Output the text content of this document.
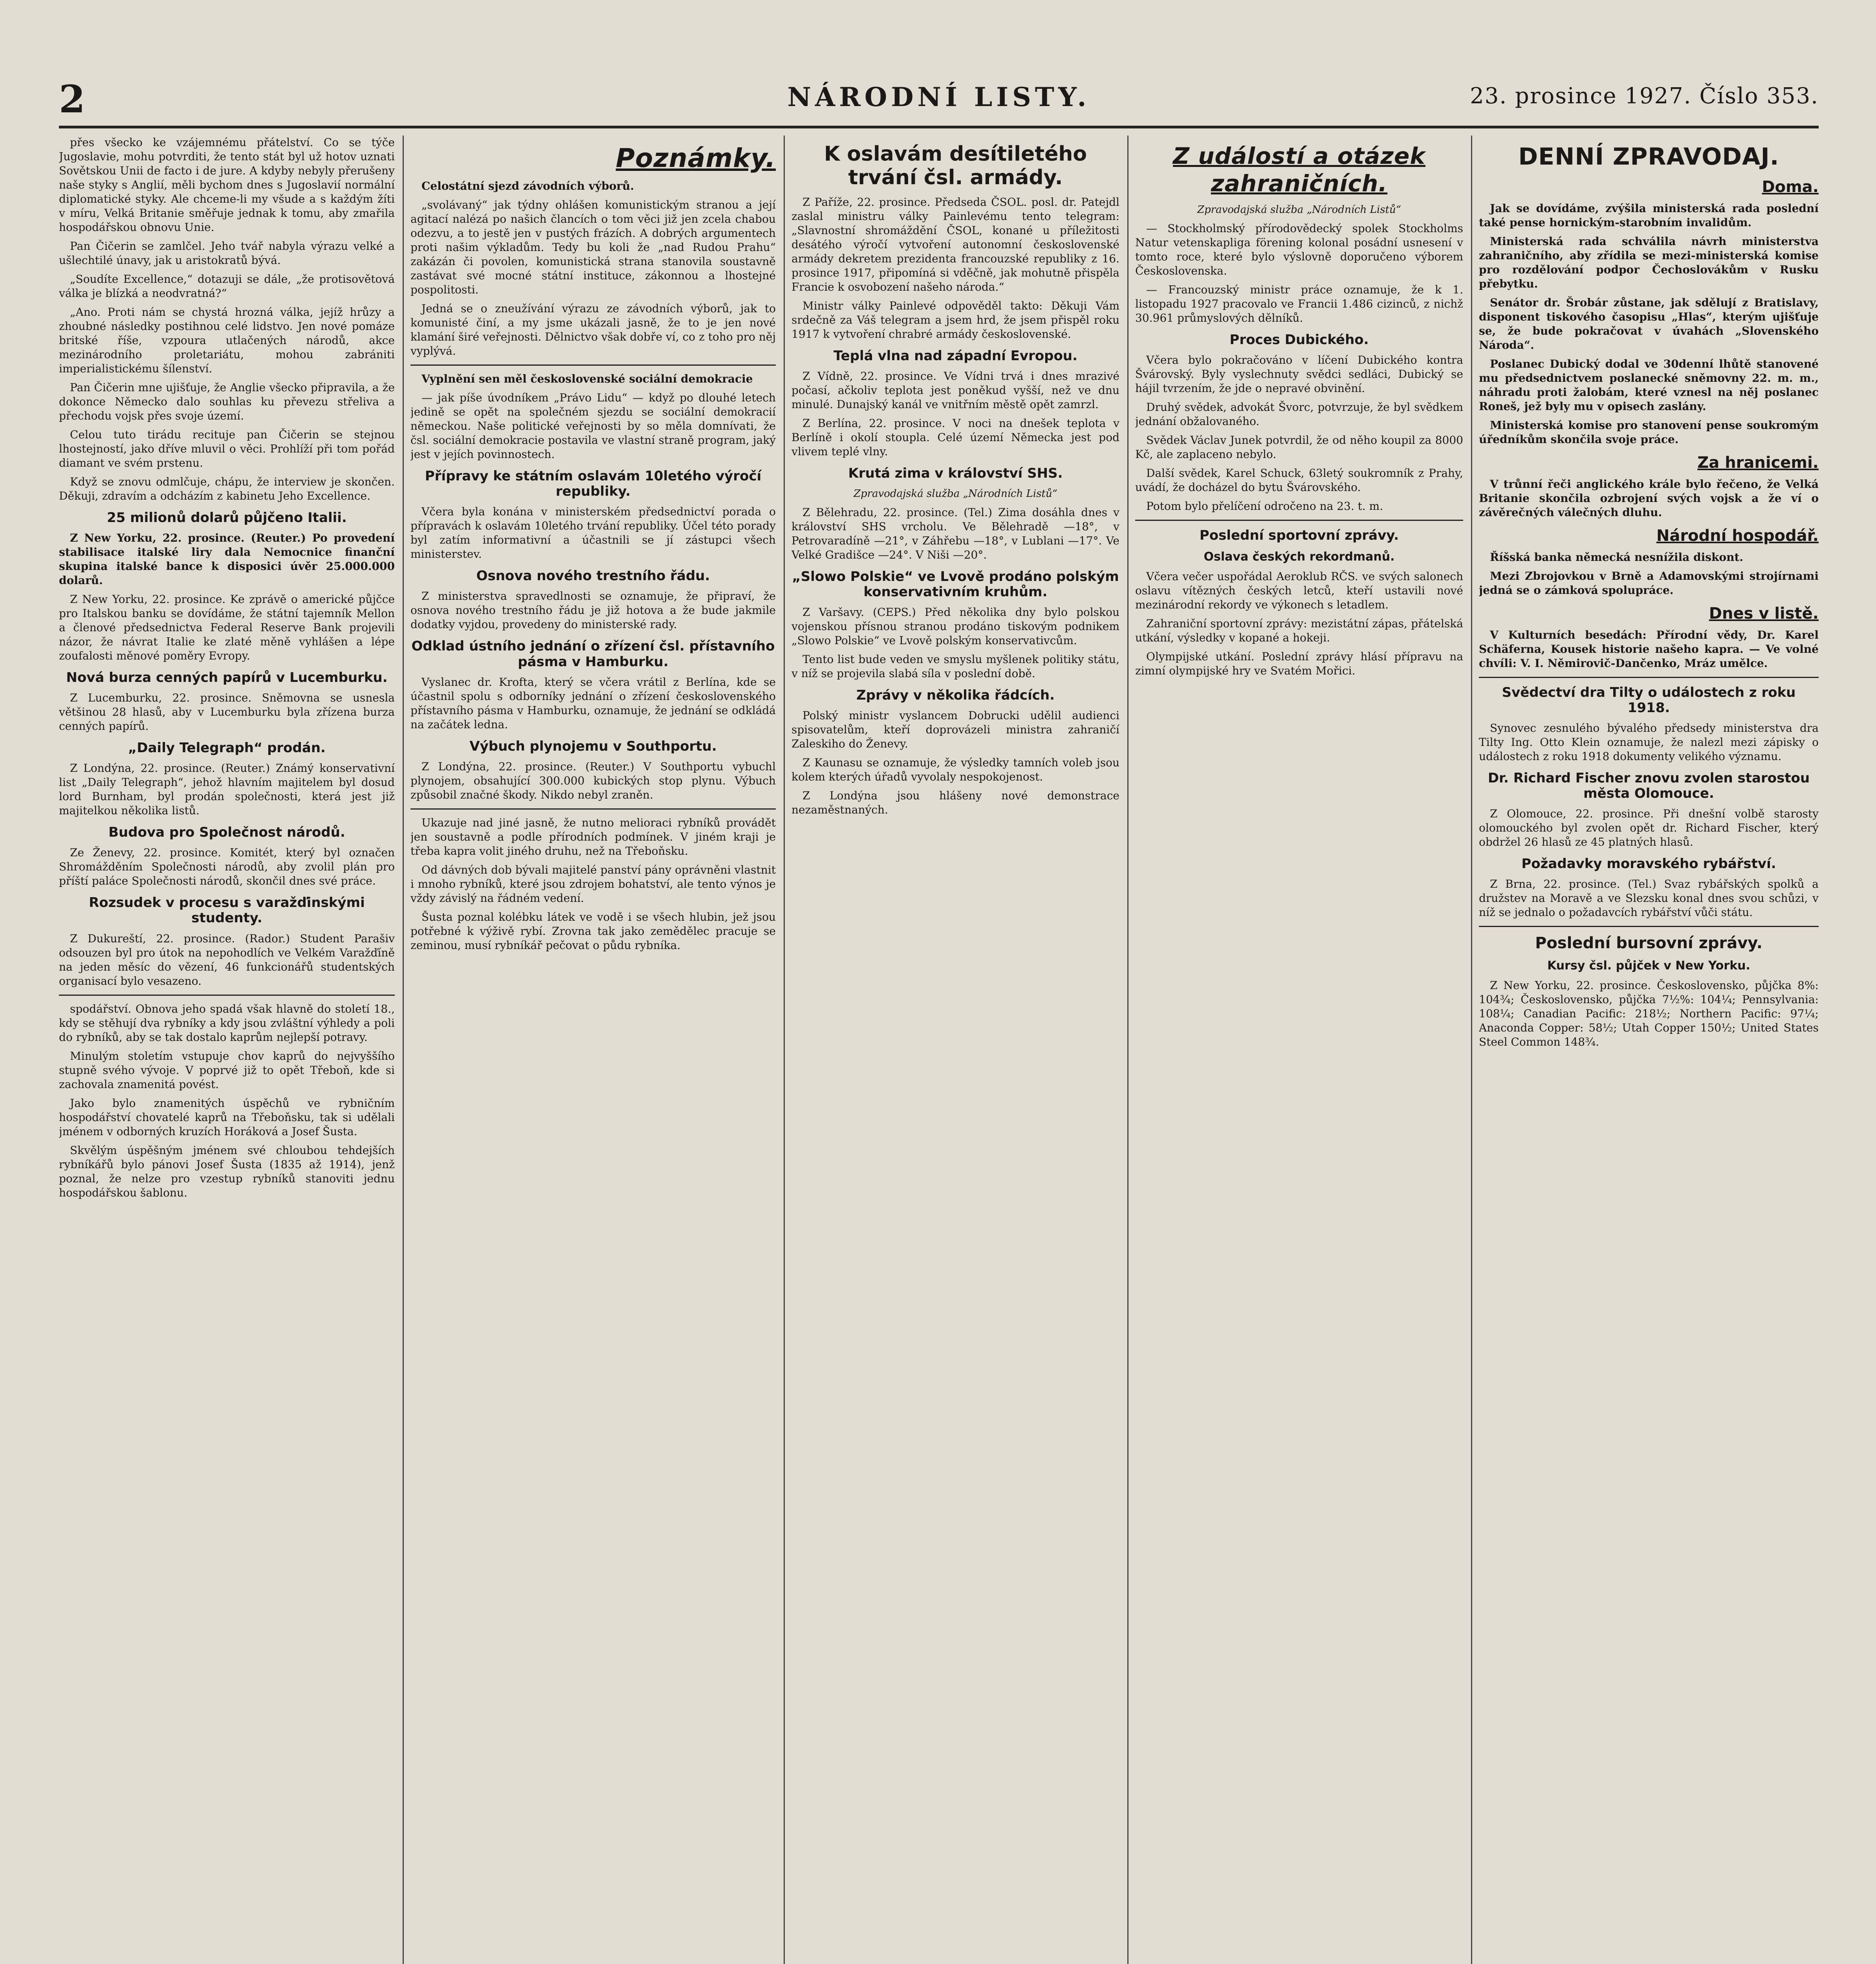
2	NÁRODNÍ LISTY.	23. prosince 1927. Číslo 353.

přes všecko ke vzájemnému přátelství. Co se týče Jugoslavie, mohu potvrditi, že tento stát byl už hotov uznati Sovětskou Unii de facto i de jure. A kdyby nebyly přerušeny naše styky s Anglií, měli bychom dnes s Jugoslavií normální diplomatické styky. Ale chceme-li my všude a s každým žíti v míru, Velká Britanie směřuje jednak k tomu, aby zmařila hospodářskou obnovu Unie.

Pan Čičerin se zamlčel. Jeho tvář nabyla výrazu velké a ušlechtilé únavy, jak u aristokratů bývá.

„Soudíte Excellence,“ dotazuji se dále, „že protisovětová válka je blízká a neodvratná?“

„Ano. Proti nám se chystá hrozná válka, jejíž hrůzy a zhoubné následky postihnou celé lidstvo. Jen nové pomáze britské říše, vzpoura utlačených národů, akce mezinárodního proletariátu, mohou zabrániti imperialistickému šílenství.

Pan Čičerin mne ujišťuje, že Anglie všecko připravila, a že dokonce Německo dalo souhlas ku převezu střeliva a přechodu vojsk přes svoje území.

Celou tuto tirádu recituje pan Čičerin se stejnou lhostejností, jako dříve mluvil o věci. Prohlíží při tom pořád diamant ve svém prstenu.

Když se znovu odmlčuje, chápu, že interview je skončen. Děkuji, zdravím a odcházím z kabinetu Jeho Excellence.

25 milionů dolarů půjčeno Italii.

Z New Yorku, 22. prosince. (Reuter.) Po provedení stabilisace italské liry dala Nemocnice finanční skupina italské bance k disposici úvěr 25.000.000 dolarů.

Z New Yorku, 22. prosince. Ke zprávě o americké půjčce pro Italskou banku se dovídáme, že státní tajemník Mellon a členové předsednictva Federal Reserve Bank projevili názor, že návrat Italie ke zlaté měně vyhlášen a lépe zoufalosti měnové poměry Evropy.

Nová burza cenných papírů v Lucemburku.

Z Lucemburku, 22. prosince. Sněmovna se usnesla většinou 28 hlasů, aby v Lucemburku byla zřízena burza cenných papírů.

„Daily Telegraph“ prodán.

Z Londýna, 22. prosince. (Reuter.) Známý konservativní list „Daily Telegraph“, jehož hlavním majitelem byl dosud lord Burnham, byl prodán společnosti, která jest již majitelkou několika listů.

Budova pro Společnost národů.

Ze Ženevy, 22. prosince. Komitét, který byl označen Shromážděním Společnosti národů, aby zvolil plán pro příští paláce Společnosti národů, skončil dnes své práce.

Rozsudek v procesu s varažďinskými studenty.

Z Dukureští, 22. prosince. (Rador.) Student Parašiv odsouzen byl pro útok na nepohodlích ve Velkém Varažďíně na jeden měsíc do vězení, 46 funkcionářů studentských organisací bylo vesazeno.

spodářství. Obnova jeho spadá však hlavně do století 18., kdy se stěhují dva rybníky a kdy jsou zvláštní výhledy a poli do rybníků, aby se tak dostalo kaprům nejlepší potravy.

Minulým stoletím vstupuje chov kaprů do nejvyššího stupně svého vývoje. V poprvé již to opět Třeboň, kde si zachovala znamenitá povést.

Jako bylo znamenitých úspěchů ve rybničním hospodářství chovatelé kaprů na Třeboňsku, tak si udělali jménem v odborných kruzích Horáková a Josef Šusta.

Skvělým úspěšným jménem své chloubou tehdejších rybníkářů bylo pánovi Josef Šusta (1835 až 1914), jenž poznal, že nelze pro vzestup rybníků stanoviti jednu hospodářskou šablonu.

Poznámky.

Celostátní sjezd závodních výborů.

„svolávaný“ jak týdny ohlášen komunistickým stranou a její agitací nalézá po našich člancích o tom věci již jen zcela chabou odezvu, a to jestě jen v pustých frázích. A dobrých argumentech proti našim výkladům. Tedy bu koli že „nad Rudou Prahu“ zakázán či povolen, komunistická strana stanovila soustavně zastávat své mocné státní instituce, zákonnou a lhostejné pospolitosti.

Jedná se o zneužívání výrazu ze závodních výborů, jak to komunisté činí, a my jsme ukázali jasně, že to je jen nové klamání širé veřejnosti. Dělnictvo však dobře ví, co z toho pro něj vyplývá.

Vyplnění sen měl československé sociální demokracie

— jak píše úvodníkem „Právo Lidu“ — když po dlouhé letech jedině se opět na společném sjezdu se sociální demokracií německou. Naše politické veřejnosti by so měla domnívati, že čsl. sociální demokracie postavila ve vlastní straně program, jaký jest v jejích povinnostech.

Přípravy ke státním oslavám 10letého výročí republiky.

Včera byla konána v ministerském předsednictví porada o přípravách k oslavám 10letého trvání republiky. Účel této porady byl zatím informativní a účastnili se jí zástupci všech ministerstev.

Osnova nového trestního řádu.

Z ministerstva spravedlnosti se oznamuje, že připraví, že osnova nového trestního řádu je již hotova a že bude jakmile dodatky vyjdou, provedeny do ministerské rady.

Odklad ústního jednání o zřízení čsl. přístavního pásma v Hamburku.

Vyslanec dr. Krofta, který se včera vrátil z Berlína, kde se účastnil spolu s odborníky jednání o zřízení československého přístavního pásma v Hamburku, oznamuje, že jednání se odkládá na začátek ledna.

Výbuch plynojemu v Southportu.

Z Londýna, 22. prosince. (Reuter.) V Southportu vybuchl plynojem, obsahující 300.000 kubických stop plynu. Výbuch způsobil značné škody. Nikdo nebyl zraněn.

Ukazuje nad jiné jasně, že nutno melioraci rybníků provádět jen soustavně a podle přírodních podmínek. V jiném kraji je třeba kapra volit jiného druhu, než na Třeboňsku.

Od dávných dob bývali majitelé panství pány oprávněni vlastnit i mnoho rybníků, které jsou zdrojem bohatství, ale tento výnos je vždy závislý na řádném vedení.

Šusta poznal kolébku látek ve vodě i se všech hlubin, jež jsou potřebné k výživě rybí. Zrovna tak jako zemědělec pracuje se zeminou, musí rybníkář pečovat o půdu rybníka.

K oslavám desítiletého trvání čsl. armády.

Z Paříže, 22. prosince. Předseda ČSOL. posl. dr. Patejdl zaslal ministru války Painlevému tento telegram: „Slavnostní shromáždění ČSOL, konané u příležitosti desátého výročí vytvoření autonomní československé armády dekretem prezidenta francouzské republiky z 16. prosince 1917, připomíná si vděčně, jak mohutně přispěla Francie k osvobození našeho národa.“

Ministr války Painlevé odpověděl takto: Děkuji Vám srdečně za Váš telegram a jsem hrd, že jsem přispěl roku 1917 k vytvoření chrabré armády československé.

Teplá vlna nad západní Evropou.

Z Vídně, 22. prosince. Ve Vídni trvá i dnes mrazivé počasí, ačkoliv teplota jest poněkud vyšší, než ve dnu minulé. Dunajský kanál ve vnitřním městě opět zamrzl.

Z Berlína, 22. prosince. V noci na dnešek teplota v Berlíně i okolí stoupla. Celé území Německa jest pod vlivem teplé vlny.

Krutá zima v království SHS.
Zpravodajská služba „Národních Listů“

Z Bělehradu, 22. prosince. (Tel.) Zima dosáhla dnes v království SHS vrcholu. Ve Bělehradě —18°, v Petrovaradíně —21°, v Záhřebu —18°, v Lublani —17°. Ve Velké Gradišce —24°. V Niši —20°.

„Slowo Polskie“ ve Lvově prodáno polským konservativním kruhům.

Z Varšavy. (CEPS.) Před několika dny bylo polskou vojenskou přísnou stranou prodáno tiskovým podnikem „Slowo Polskie“ ve Lvově polským konservativcům.

Tento list bude veden ve smyslu myšlenek politiky státu, v níž se projevila slabá síla v poslední době.

Zprávy v několika řádcích.

Polský ministr vyslancem Dobrucki udělil audienci spisovatelům, kteří doprovázeli ministra zahraničí Zaleskiho do Ženevy.

Z Kaunasu se oznamuje, že výsledky tamních voleb jsou kolem kterých úřadů vyvolaly nespokojenost.

Z Londýna jsou hlášeny nové demonstrace nezaměstnaných.

Z událostí a otázek zahraničních.
Zpravodajská služba „Národních Listů“

— Stockholmský přírodovědecký spolek Stockholms Natur vetenskapliga förening kolonal posádní usnesení v tomto roce, které bylo výslovně doporučeno výborem Československa.

— Francouzský ministr práce oznamuje, že k 1. listopadu 1927 pracovalo ve Francii 1.486 cizinců, z nichž 30.961 průmyslových dělníků.

Proces Dubického.

Včera bylo pokračováno v líčení Dubického kontra Švárovský. Byly vyslechnuty svědci sedláci, Dubický se hájil tvrzením, že jde o nepravé obvinění.

Druhý svědek, advokát Švorc, potvrzuje, že byl svědkem jednání obžalovaného.

Svědek Václav Junek potvrdil, že od něho koupil za 8000 Kč, ale zaplaceno nebylo.

Další svědek, Karel Schuck, 63letý soukromník z Prahy, uvádí, že docházel do bytu Švárovského.

Potom bylo přelíčení odročeno na 23. t. m.

Poslední sportovní zprávy.
Oslava českých rekordmanů.

Včera večer uspořádal Aeroklub RČS. ve svých salonech oslavu vítězných českých letců, kteří ustavili nové mezinárodní rekordy ve výkonech s letadlem.

Zahraniční sportovní zprávy: mezistátní zápas, přátelská utkání, výsledky v kopané a hokeji.

Olympijské utkání. Poslední zprávy hlásí přípravu na zimní olympijské hry ve Svatém Mořici.

DENNÍ ZPRAVODAJ.
Doma.

Jak se dovídáme, zvýšila ministerská rada poslední také pense hornickým-starobním invalidům.

Ministerská rada schválila návrh ministerstva zahraničního, aby zřídila se mezi-ministerská komise pro rozdělování podpor Čechoslovákům v Rusku přebytku.

Senátor dr. Šrobár zůstane, jak sdělují z Bratislavy, disponent tiskového časopisu „Hlas“, kterým ujišťuje se, že bude pokračovat v úvahách „Slovenského Národa“.

Poslanec Dubický dodal ve 30denní lhůtě stanovené mu předsednictvem poslanecké sněmovny 22. m. m., náhradu proti žalobám, které vznesl na něj poslanec Roneš, jež byly mu v opisech zaslány.

Ministerská komise pro stanovení pense soukromým úředníkům skončila svoje práce.

Za hranicemi.

V trůnní řeči anglického krále bylo řečeno, že Velká Britanie skončila ozbrojení svých vojsk a že ví o závěrečných válečných dluhu.

Národní hospodář.

Říšská banka německá nesnížila diskont.

Mezi Zbrojovkou v Brně a Adamovskými strojírnami jedná se o zámková spolupráce.

Dnes v listě.

V Kulturních besedách: Přírodní vědy, Dr. Karel Schäferna, Kousek historie našeho kapra. — Ve volné chvíli: V. I. Němirovič-Dančenko, Mráz umělce.

Svědectví dra Tilty o událostech z roku 1918.

Synovec zesnulého bývalého předsedy ministerstva dra Tilty Ing. Otto Klein oznamuje, že nalezl mezi zápisky o událostech z roku 1918 dokumenty velikého významu.

Dr. Richard Fischer znovu zvolen starostou města Olomouce.

Z Olomouce, 22. prosince. Při dnešní volbě starosty olomouckého byl zvolen opět dr. Richard Fischer, který obdržel 26 hlasů ze 45 platných hlasů.

Požadavky moravského rybářství.

Z Brna, 22. prosince. (Tel.) Svaz rybářských spolků a družstev na Moravě a ve Slezsku konal dnes svou schůzi, v níž se jednalo o požadavcích rybářství vůči státu.

Poslední bursovní zprávy.
Kursy čsl. půjček v New Yorku.

Z New Yorku, 22. prosince. Československo, půjčka 8%: 104¾; Československo, půjčka 7½%: 104¼; Pennsylvania: 108¼; Canadian Pacific: 218½; Northern Pacific: 97¼; Anaconda Copper: 58½; Utah Copper 150½; United States Steel Common 148¾.
